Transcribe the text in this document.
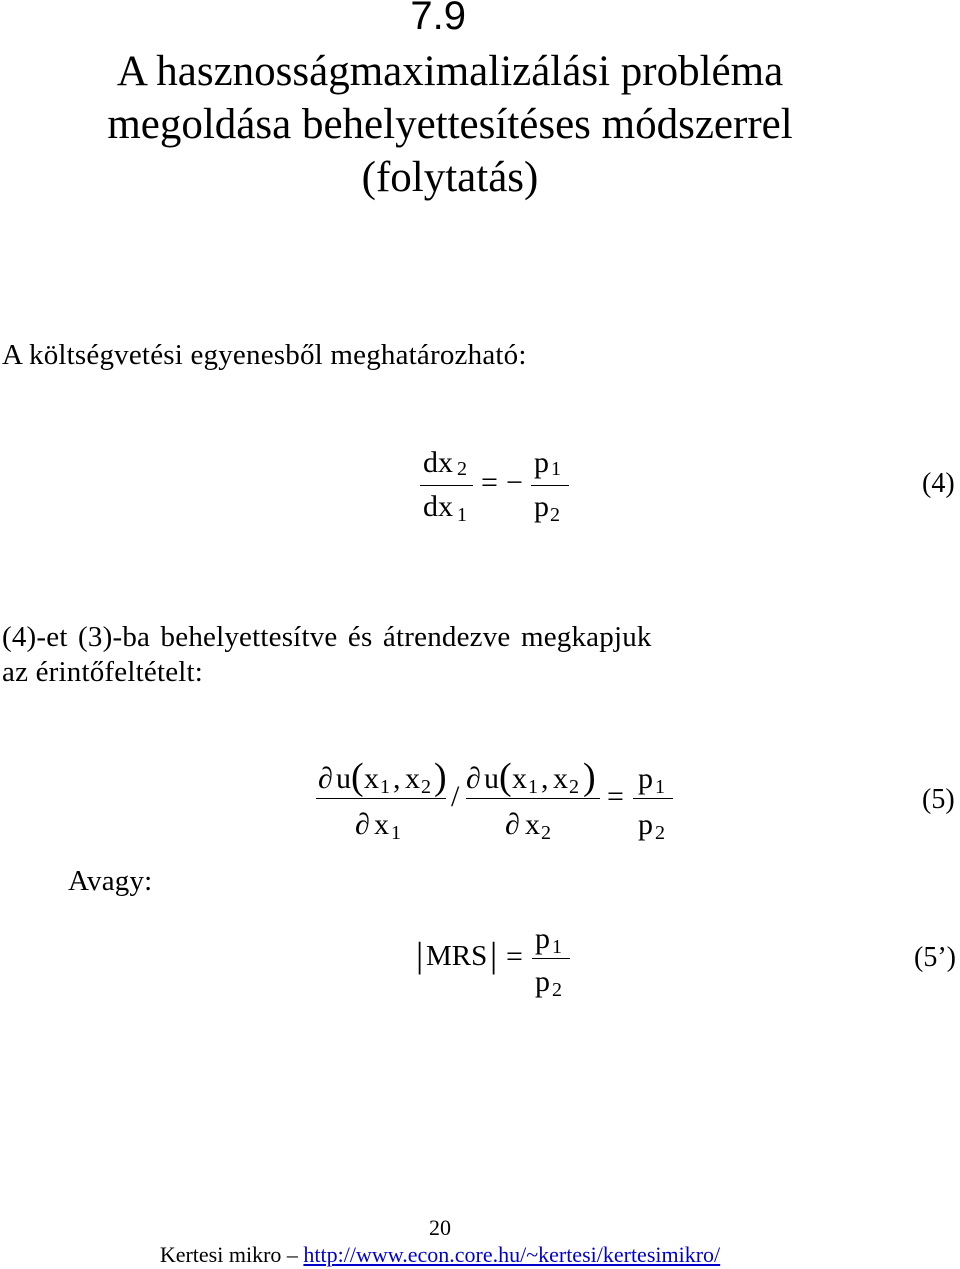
7.9
A hasznosságmaximalizálási probléma
megoldása behelyettesítéses módszerrel
(folytatás)
A költségvetési egyenesből meghatározható:
dx 2
dx 1
= −
p 1
p 2
(4)
(4)-et (3)-ba behelyettesítve és átrendezve megkapjuk
az érintőfeltételt:
∂ u ( x 1 , x 2 )
∂ x 1
/
∂ u ( x 1 , x 2 )
∂ x 2
=
p 1
p 2
(5)
Avagy:
| MRS | =
p 1
p 2
(5’)
20
Kertesi mikro – http://www.econ.core.hu/~kertesi/kertesimikro/
